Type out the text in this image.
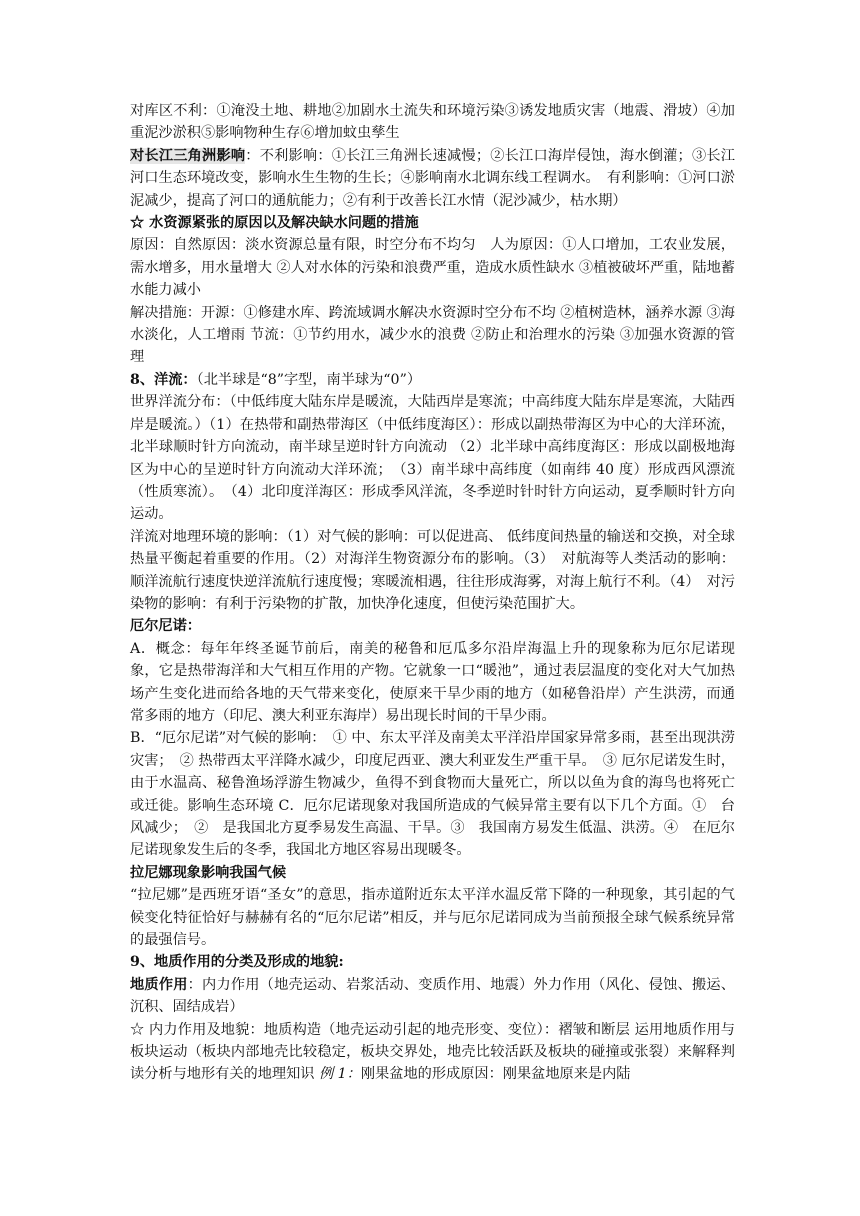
对库区不利：①淹没土地、耕地②加剧水土流失和环境污染③诱发地质灾害（地震、滑坡）④加重泥沙淤积⑤影响物种生存⑥增加蚊虫孳生

对长江三角洲影响：不利影响：①长江三角洲长速减慢；②长江口海岸侵蚀，海水倒灌；③长江河口生态环境改变，影响水生生物的生长；④影响南水北调东线工程调水。　有利影响：①河口淤泥减少，提高了河口的通航能力；②有利于改善长江水情（泥沙减少，枯水期）

☆ 水资源紧张的原因以及解决缺水问题的措施

原因：自然原因：淡水资源总量有限，时空分布不均匀　人为原因：①人口增加，工农业发展，需水增多，用水量增大 ②人对水体的污染和浪费严重，造成水质性缺水 ③植被破坏严重，陆地蓄水能力减小

解决措施：开源：①修建水库、跨流域调水解决水资源时空分布不均 ②植树造林，涵养水源 ③海水淡化，人工增雨 节流：①节约用水，减少水的浪费 ②防止和治理水的污染 ③加强水资源的管理

8、洋流：（北半球是“8”字型，南半球为“0”）

世界洋流分布：（中低纬度大陆东岸是暖流，大陆西岸是寒流；中高纬度大陆东岸是寒流，大陆西岸是暖流。）（1）在热带和副热带海区（中低纬度海区）：形成以副热带海区为中心的大洋环流，北半球顺时针方向流动，南半球呈逆时针方向流动 （2）北半球中高纬度海区：形成以副极地海区为中心的呈逆时针方向流动大洋环流；　（3）南半球中高纬度（如南纬 40 度）形成西风漂流（性质寒流）。　（4）北印度洋海区：形成季风洋流，冬季逆时针时针方向运动，夏季顺时针方向运动。

洋流对地理环境的影响：（1）对气候的影响：可以促进高、 低纬度间热量的输送和交换，对全球热量平衡起着重要的作用。（2）对海洋生物资源分布的影响。（3）　对航海等人类活动的影响：顺洋流航行速度快逆洋流航行速度慢；寒暖流相遇，往往形成海雾，对海上航行不利。（4）　对污染物的影响：有利于污染物的扩散，加快净化速度，但使污染范围扩大。

厄尔尼诺：

A．概念：每年年终圣诞节前后，南美的秘鲁和厄瓜多尔沿岸海温上升的现象称为厄尔尼诺现象，它是热带海洋和大气相互作用的产物。它就象一口“暖池”，通过表层温度的变化对大气加热场产生变化进而给各地的天气带来变化，使原来干旱少雨的地方（如秘鲁沿岸）产生洪涝，而通常多雨的地方（印尼、澳大利亚东海岸）易出现长时间的干旱少雨。

B．“厄尔尼诺”对气候的影响：　① 中、东太平洋及南美太平洋沿岸国家异常多雨，甚至出现洪涝灾害；　② 热带西太平洋降水减少，印度尼西亚、澳大利亚发生严重干旱。　③ 厄尔尼诺发生时，由于水温高、秘鲁渔场浮游生物减少，鱼得不到食物而大量死亡，所以以鱼为食的海鸟也将死亡或迁徙。影响生态环境 C．厄尔尼诺现象对我国所造成的气候异常主要有以下几个方面。①　台风减少；　②　是我国北方夏季易发生高温、干旱。③　我国南方易发生低温、洪涝。④　在厄尔尼诺现象发生后的冬季，我国北方地区容易出现暖冬。

拉尼娜现象影响我国气候

“拉尼娜”是西班牙语“圣女”的意思，指赤道附近东太平洋水温反常下降的一种现象，其引起的气候变化特征恰好与赫赫有名的“厄尔尼诺”相反，并与厄尔尼诺同成为当前预报全球气候系统异常的最强信号。

9、地质作用的分类及形成的地貌:

地质作用：内力作用（地壳运动、岩浆活动、变质作用、地震）外力作用（风化、侵蚀、搬运、沉积、固结成岩）

☆ 内力作用及地貌：地质构造（地壳运动引起的地壳形变、变位）：褶皱和断层 运用地质作用与板块运动（板块内部地壳比较稳定，板块交界处，地壳比较活跃及板块的碰撞或张裂）来解释判读分析与地形有关的地理知识 例 1：刚果盆地的形成原因：刚果盆地原来是内陆
